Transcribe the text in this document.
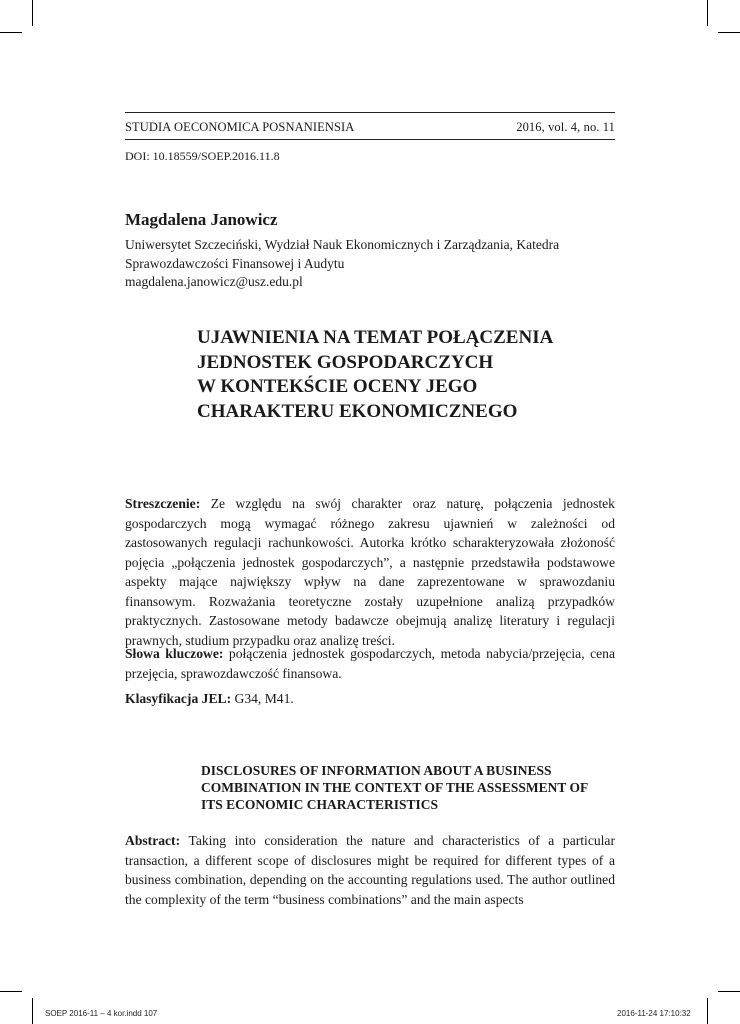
STUDIA OECONOMICA POSNANIENSIA	2016, vol. 4, no. 11
DOI: 10.18559/SOEP.2016.11.8
Magdalena Janowicz
Uniwersytet Szczeciński, Wydział Nauk Ekonomicznych i Zarządzania, Katedra
Sprawozdawczości Finansowej i Audytu
magdalena.janowicz@usz.edu.pl
UJAWNIENIA NA TEMAT POŁĄCZENIA
JEDNOSTEK GOSPODARCZYCH
W KONTEKŚCIE OCENY JEGO
CHARAKTERU EKONOMICZNEGO

Streszczenie: Ze względu na swój charakter oraz naturę, połączenia jednostek gospodarczych mogą wymagać różnego zakresu ujawnień w zależności od zastosowanych regulacji rachunkowości. Autorka krótko scharakteryzowała złożoność pojęcia „połączenia jednostek gospodarczych”, a następnie przedstawiła podstawowe aspekty mające największy wpływ na dane zaprezentowane w sprawozdaniu finansowym. Rozważania teoretyczne zostały uzupełnione analizą przypadków praktycznych. Zastosowane metody badawcze obejmują analizę literatury i regulacji prawnych, studium przypadku oraz analizę treści.

Słowa kluczowe: połączenia jednostek gospodarczych, metoda nabycia/przejęcia, cena przejęcia, sprawozdawczość finansowa.

Klasyfikacja JEL: G34, M41.

DISCLOSURES OF INFORMATION ABOUT A BUSINESS
COMBINATION IN THE CONTEXT OF THE ASSESSMENT OF
ITS ECONOMIC CHARACTERISTICS

Abstract: Taking into consideration the nature and characteristics of a particular transaction, a different scope of disclosures might be required for different types of a business combination, depending on the accounting regulations used. The author outlined the complexity of the term “business combinations” and the main aspects

SOEP 2016-11 – 4 kor.indd 107	2016-11-24 17:10:32
